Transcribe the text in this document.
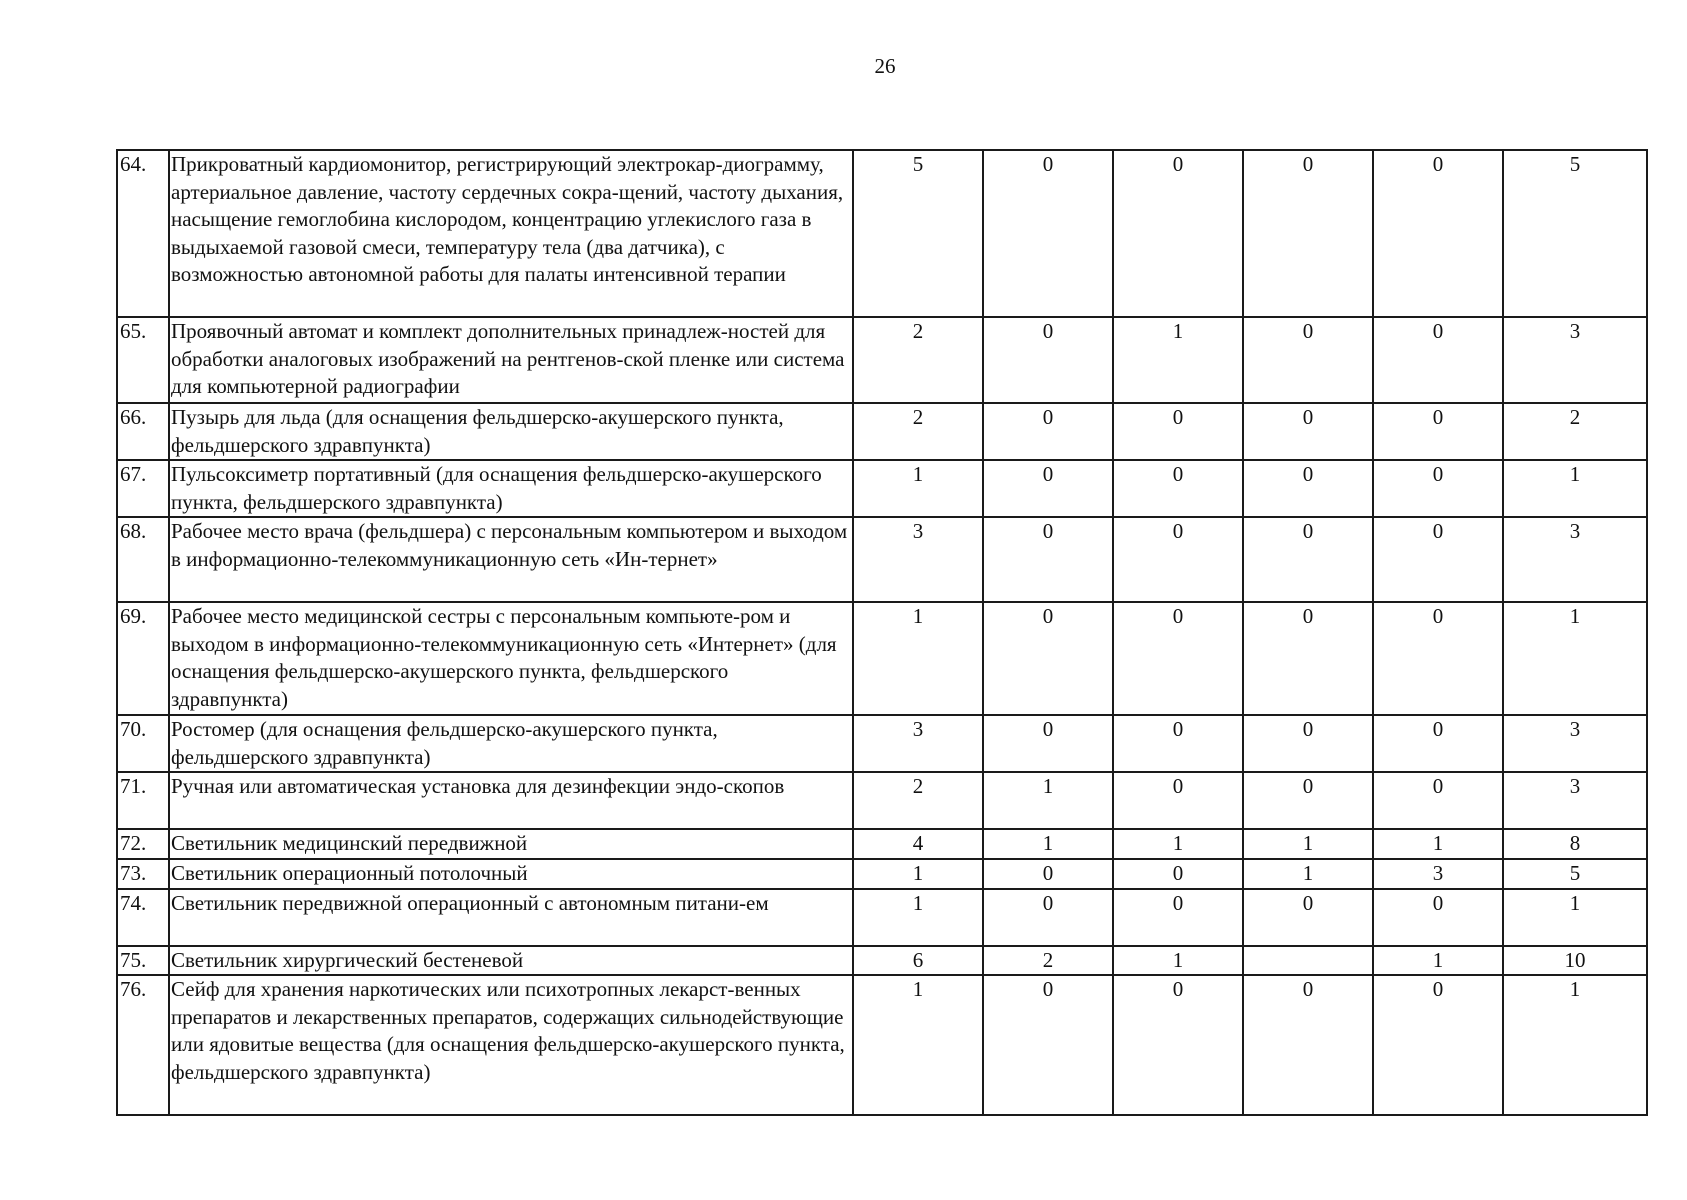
26
64.	Прикроватный кардиомонитор, регистрирующий электрокар-диограмму, артериальное давление, частоту сердечных сокра-щений, частоту дыхания, насыщение гемоглобина кислородом, концентрацию углекислого газа в выдыхаемой газовой смеси, температуру тела (два датчика), с возможностью автономной работы для палаты интенсивной терапии	5	0	0	0	0	5
65.	Проявочный автомат и комплект дополнительных принадлеж-ностей для обработки аналоговых изображений на рентгенов-ской пленке или система для компьютерной радиографии	2	0	1	0	0	3
66.	Пузырь для льда (для оснащения фельдшерско-акушерского пункта, фельдшерского здравпункта)	2	0	0	0	0	2
67.	Пульсоксиметр портативный (для оснащения фельдшерско-акушерского пункта, фельдшерского здравпункта)	1	0	0	0	0	1
68.	Рабочее место врача (фельдшера) с персональным компьютером и выходом в информационно-телекоммуникационную сеть «Ин-тернет»	3	0	0	0	0	3
69.	Рабочее место медицинской сестры с персональным компьюте-ром и выходом в информационно-телекоммуникационную сеть «Интернет» (для оснащения фельдшерско-акушерского пункта, фельдшерского здравпункта)	1	0	0	0	0	1
70.	Ростомер (для оснащения фельдшерско-акушерского пункта, фельдшерского здравпункта)	3	0	0	0	0	3
71.	Ручная или автоматическая установка для дезинфекции эндо-скопов	2	1	0	0	0	3
72.	Светильник медицинский передвижной	4	1	1	1	1	8
73.	Светильник операционный потолочный	1	0	0	1	3	5
74.	Светильник передвижной операционный с автономным питани-ем	1	0	0	0	0	1
75.	Светильник хирургический бестеневой	6	2	1		1	10
76.	Сейф для хранения наркотических или психотропных лекарст-венных препаратов и лекарственных препаратов, содержащих сильнодействующие или ядовитые вещества (для оснащения фельдшерско-акушерского пункта, фельдшерского здравпункта)	1	0	0	0	0	1
